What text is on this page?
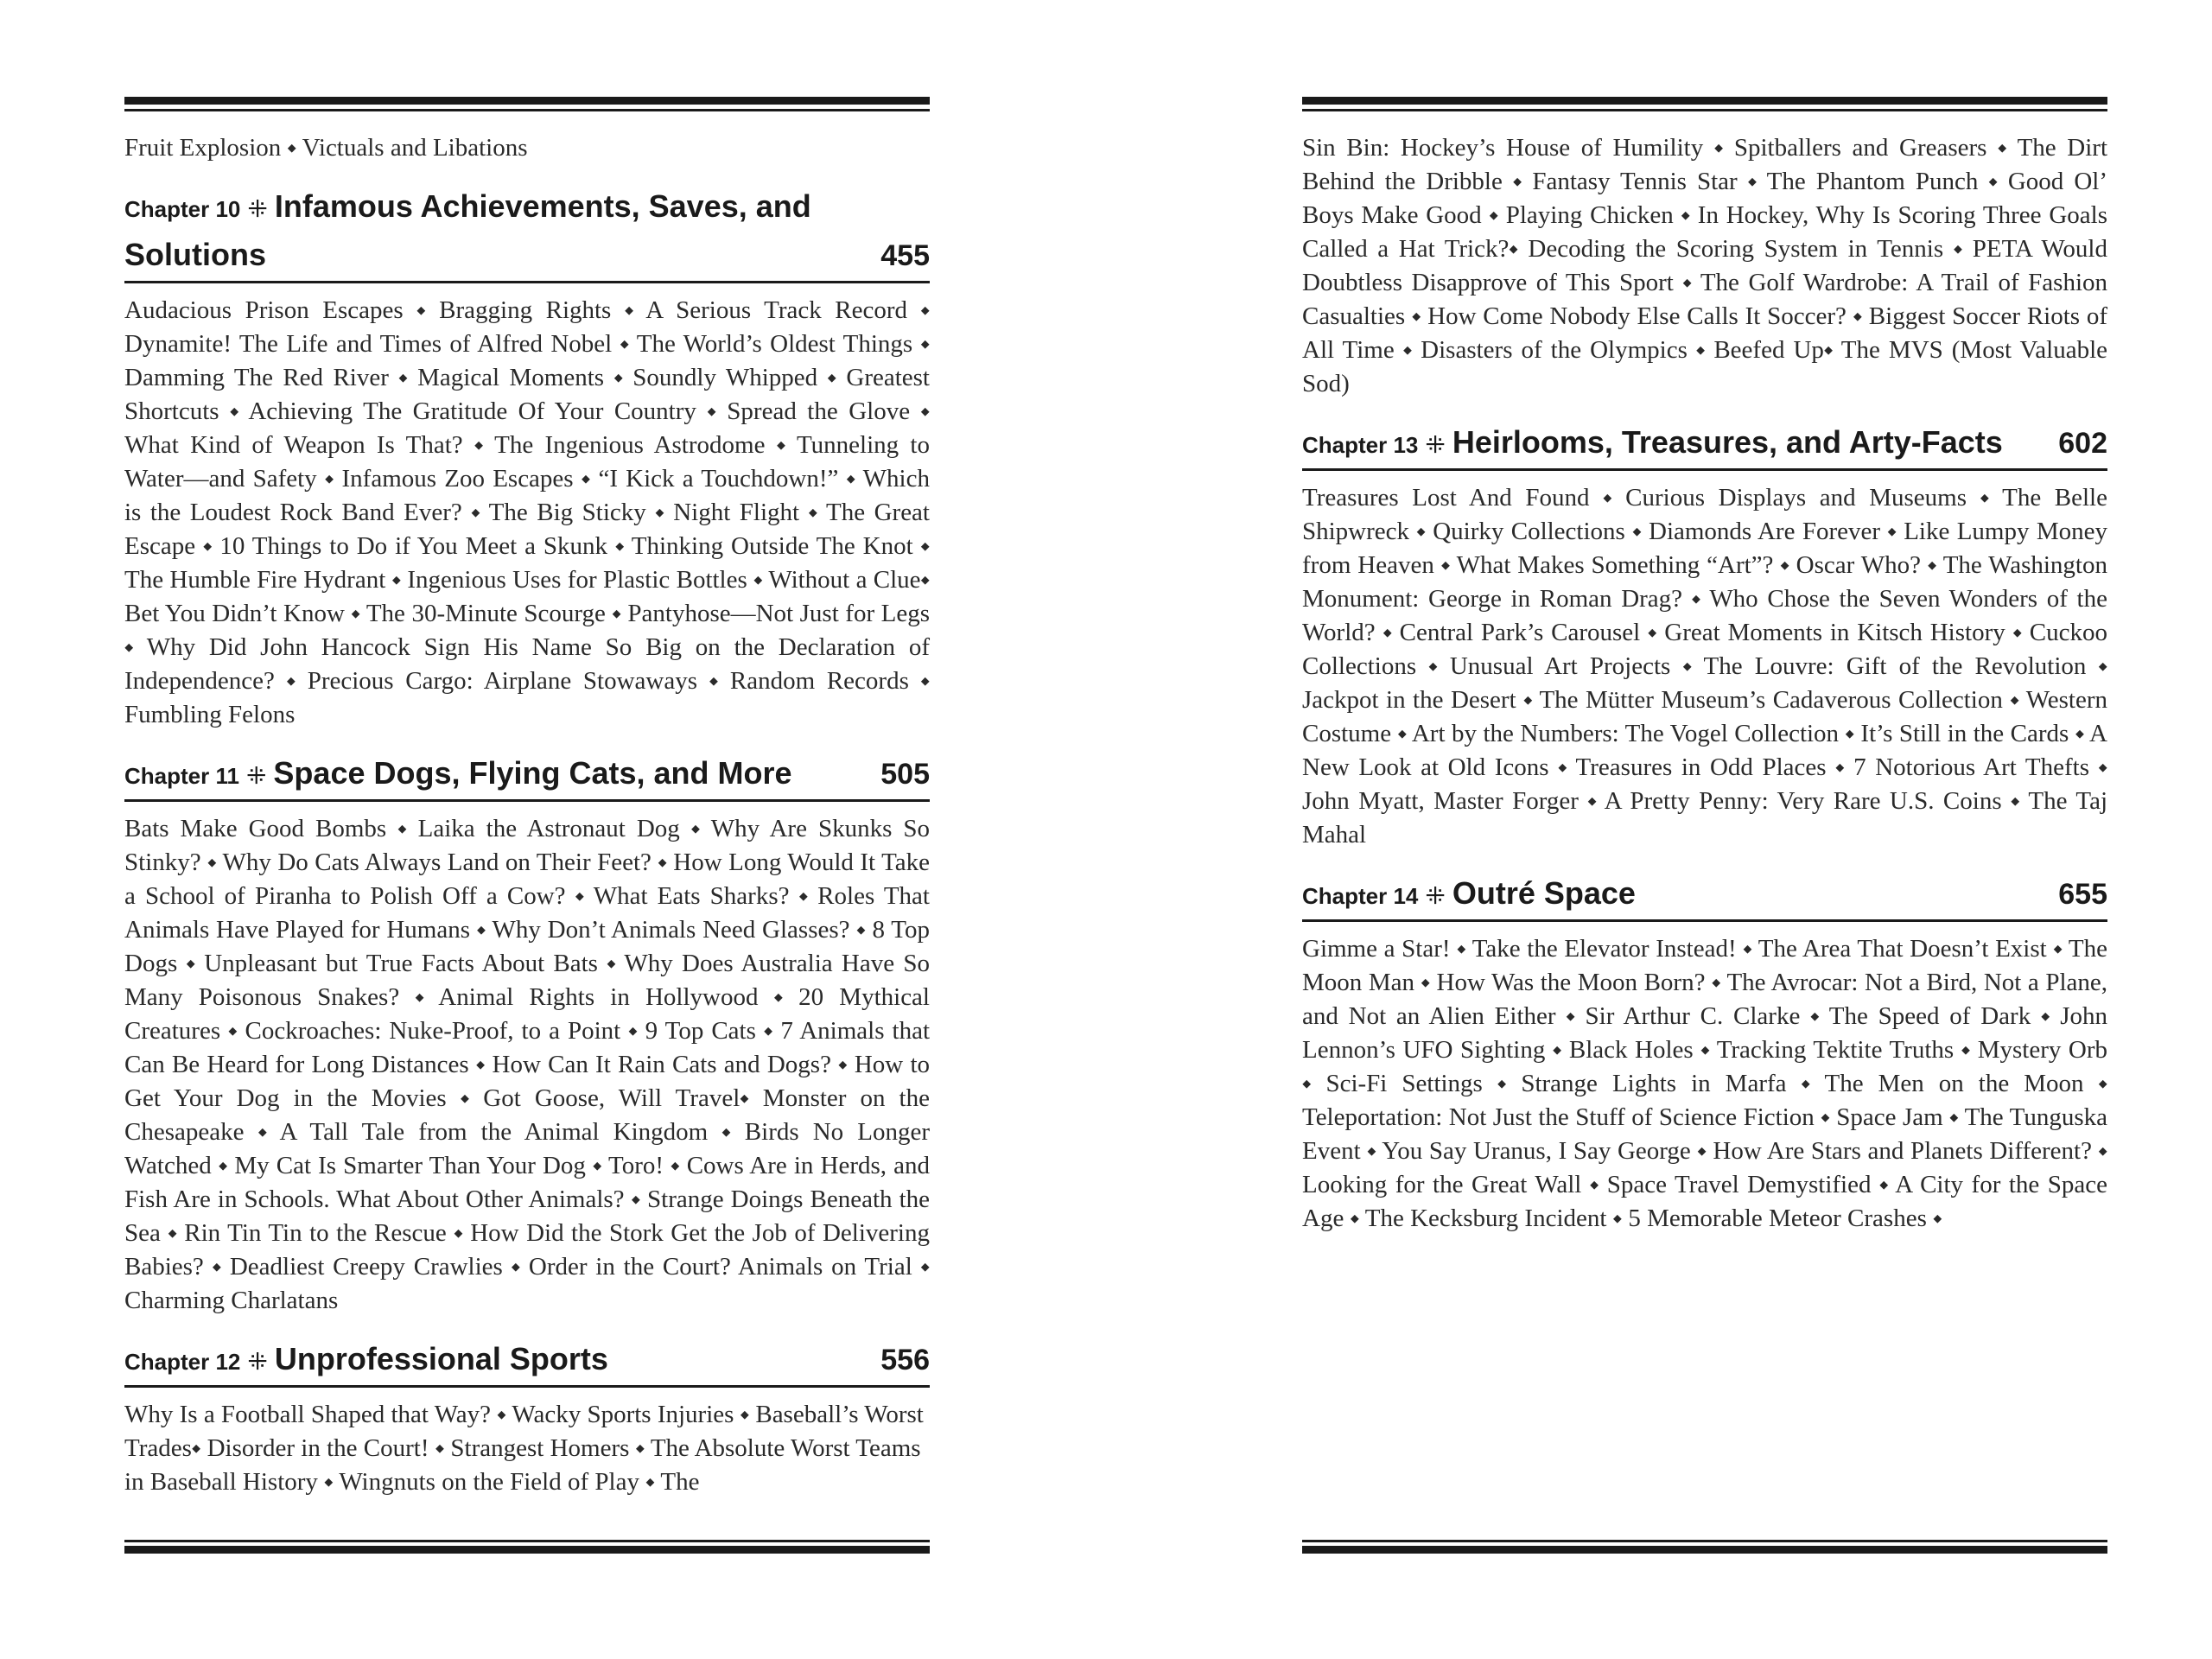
Fruit Explosion ⬩ Victuals and Libations

Chapter 10 ⁜ Infamous Achievements, Saves, and
Solutions	455

Audacious Prison Escapes ⬩ Bragging Rights ⬩ A Serious Track Record ⬩ Dynamite! The Life and Times of Alfred Nobel ⬩ The World’s Oldest Things ⬩ Damming The Red River ⬩ Magical Moments ⬩ Soundly Whipped ⬩ Greatest Shortcuts ⬩ Achieving The Gratitude Of Your Country ⬩ Spread the Glove ⬩ What Kind of Weapon Is That? ⬩ The Ingenious Astrodome ⬩ Tunneling to Water—and Safety ⬩ Infamous Zoo Escapes ⬩ “I Kick a Touchdown!” ⬩ Which is the Loudest Rock Band Ever? ⬩ The Big Sticky ⬩ Night Flight ⬩ The Great Escape ⬩ 10 Things to Do if You Meet a Skunk ⬩ Thinking Outside The Knot ⬩ The Humble Fire Hydrant ⬩ Ingenious Uses for Plastic Bottles ⬩ Without a Clue⬩ Bet You Didn’t Know ⬩ The 30-Minute Scourge ⬩ Pantyhose—Not Just for Legs ⬩ Why Did John Hancock Sign His Name So Big on the Declaration of Independence? ⬩ Precious Cargo: Airplane Stowaways ⬩ Random Records ⬩ Fumbling Felons

Chapter 11 ⁜ Space Dogs, Flying Cats, and More	505

Bats Make Good Bombs ⬩ Laika the Astronaut Dog ⬩ Why Are Skunks So Stinky? ⬩ Why Do Cats Always Land on Their Feet? ⬩ How Long Would It Take a School of Piranha to Polish Off a Cow? ⬩ What Eats Sharks? ⬩ Roles That Animals Have Played for Humans ⬩ Why Don’t Animals Need Glasses? ⬩ 8 Top Dogs ⬩ Unpleasant but True Facts About Bats ⬩ Why Does Australia Have So Many Poisonous Snakes? ⬩ Animal Rights in Hollywood ⬩ 20 Mythical Creatures ⬩ Cockroaches: Nuke-Proof, to a Point ⬩ 9 Top Cats ⬩ 7 Animals that Can Be Heard for Long Distances ⬩ How Can It Rain Cats and Dogs? ⬩ How to Get Your Dog in the Movies ⬩ Got Goose, Will Travel⬩ Monster on the Chesapeake ⬩ A Tall Tale from the Animal Kingdom ⬩ Birds No Longer Watched ⬩ My Cat Is Smarter Than Your Dog ⬩ Toro! ⬩ Cows Are in Herds, and Fish Are in Schools. What About Other Animals? ⬩ Strange Doings Beneath the Sea ⬩ Rin Tin Tin to the Rescue ⬩ How Did the Stork Get the Job of Delivering Babies? ⬩ Deadliest Creepy Crawlies ⬩ Order in the Court? Animals on Trial ⬩ Charming Charlatans

Chapter 12 ⁜ Unprofessional Sports	556

Why Is a Football Shaped that Way? ⬩ Wacky Sports Injuries ⬩ Baseball’s Worst Trades⬩ Disorder in the Court! ⬩ Strangest Homers ⬩ The Absolute Worst Teams in Baseball History ⬩ Wingnuts on the Field of Play ⬩ The

Sin Bin: Hockey’s House of Humility ⬩ Spitballers and Greasers ⬩ The Dirt Behind the Dribble ⬩ Fantasy Tennis Star ⬩ The Phantom Punch ⬩ Good Ol’ Boys Make Good ⬩ Playing Chicken ⬩ In Hockey, Why Is Scoring Three Goals Called a Hat Trick?⬩ Decoding the Scoring System in Tennis ⬩ PETA Would Doubtless Disapprove of This Sport ⬩ The Golf Wardrobe: A Trail of Fashion Casualties ⬩ How Come Nobody Else Calls It Soccer? ⬩ Biggest Soccer Riots of All Time ⬩ Disasters of the Olympics ⬩ Beefed Up⬩ The MVS (Most Valuable Sod)

Chapter 13 ⁜ Heirlooms, Treasures, and Arty-Facts	602

Treasures Lost And Found ⬩ Curious Displays and Museums ⬩ The Belle Shipwreck ⬩ Quirky Collections ⬩ Diamonds Are Forever ⬩ Like Lumpy Money from Heaven ⬩ What Makes Something “Art”? ⬩ Oscar Who? ⬩ The Washington Monument: George in Roman Drag? ⬩ Who Chose the Seven Wonders of the World? ⬩ Central Park’s Carousel ⬩ Great Moments in Kitsch History ⬩ Cuckoo Collections ⬩ Unusual Art Projects ⬩ The Louvre: Gift of the Revolution ⬩ Jackpot in the Desert ⬩ The Mütter Museum’s Cadaverous Collection ⬩ Western Costume ⬩ Art by the Numbers: The Vogel Collection ⬩ It’s Still in the Cards ⬩ A New Look at Old Icons ⬩ Treasures in Odd Places ⬩ 7 Notorious Art Thefts ⬩ John Myatt, Master Forger ⬩ A Pretty Penny: Very Rare U.S. Coins ⬩ The Taj Mahal

Chapter 14 ⁜ Outré Space	655

Gimme a Star! ⬩ Take the Elevator Instead! ⬩ The Area That Doesn’t Exist ⬩ The Moon Man ⬩ How Was the Moon Born? ⬩ The Avrocar: Not a Bird, Not a Plane, and Not an Alien Either ⬩ Sir Arthur C. Clarke ⬩ The Speed of Dark ⬩ John Lennon’s UFO Sighting ⬩ Black Holes ⬩ Tracking Tektite Truths ⬩ Mystery Orb ⬩ Sci-Fi Settings ⬩ Strange Lights in Marfa ⬩ The Men on the Moon ⬩ Teleportation: Not Just the Stuff of Science Fiction ⬩ Space Jam ⬩ The Tunguska Event ⬩ You Say Uranus, I Say George ⬩ How Are Stars and Planets Different? ⬩ Looking for the Great Wall ⬩ Space Travel Demystified ⬩ A City for the Space Age ⬩ The Kecksburg Incident ⬩ 5 Memorable Meteor Crashes ⬩
